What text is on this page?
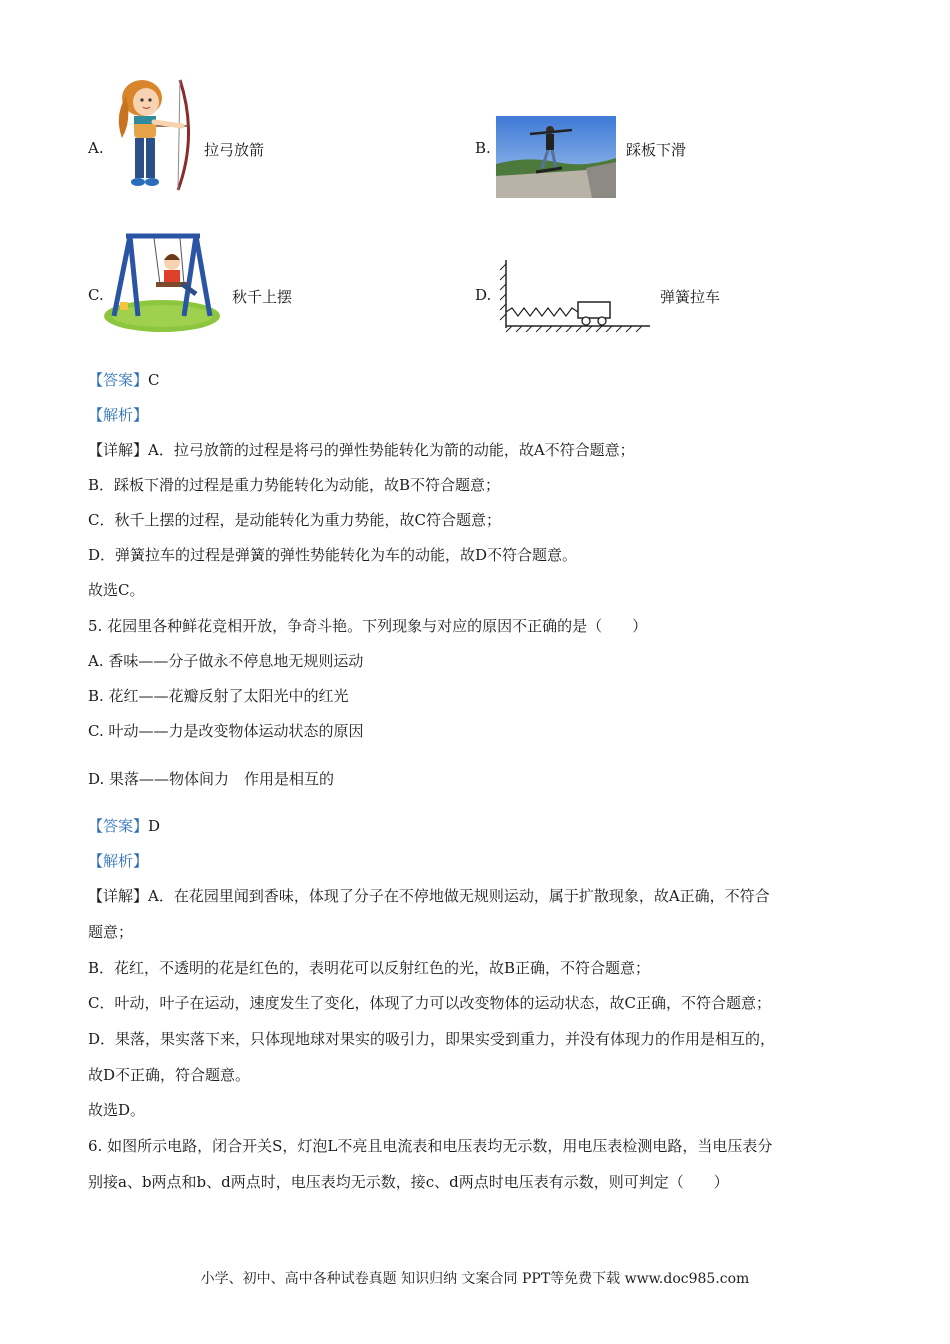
A.	拉弓放箭	B.	踩板下滑
C.	秋千上摆	D.	弹簧拉车
【答案】C
【解析】
【详解】A．拉弓放箭的过程是将弓的弹性势能转化为箭的动能，故A不符合题意；
B．踩板下滑的过程是重力势能转化为动能，故B不符合题意；
C．秋千上摆的过程，是动能转化为重力势能，故C符合题意；
D．弹簧拉车的过程是弹簧的弹性势能转化为车的动能，故D不符合题意。
故选C。
5. 花园里各种鲜花竞相开放，争奇斗艳。下列现象与对应的原因不正确的是（　　）
A. 香味——分子做永不停息地无规则运动
B. 花红——花瓣反射了太阳光中的红光
C. 叶动——力是改变物体运动状态的原因
D. 果落——物体间力　作用是相互的
【答案】D
【解析】
【详解】A．在花园里闻到香味，体现了分子在不停地做无规则运动，属于扩散现象，故A正确，不符合
题意；
B．花红，不透明的花是红色的，表明花可以反射红色的光，故B正确，不符合题意；
C．叶动，叶子在运动，速度发生了变化，体现了力可以改变物体的运动状态，故C正确，不符合题意；
D．果落，果实落下来，只体现地球对果实的吸引力，即果实受到重力，并没有体现力的作用是相互的，
故D不正确，符合题意。
故选D。
6. 如图所示电路，闭合开关S，灯泡L不亮且电流表和电压表均无示数，用电压表检测电路，当电压表分
别接a、b两点和b、d两点时，电压表均无示数，接c、d两点时电压表有示数，则可判定（　　）
小学、初中、高中各种试卷真题 知识归纳 文案合同 PPT等免费下载 www.doc985.com
